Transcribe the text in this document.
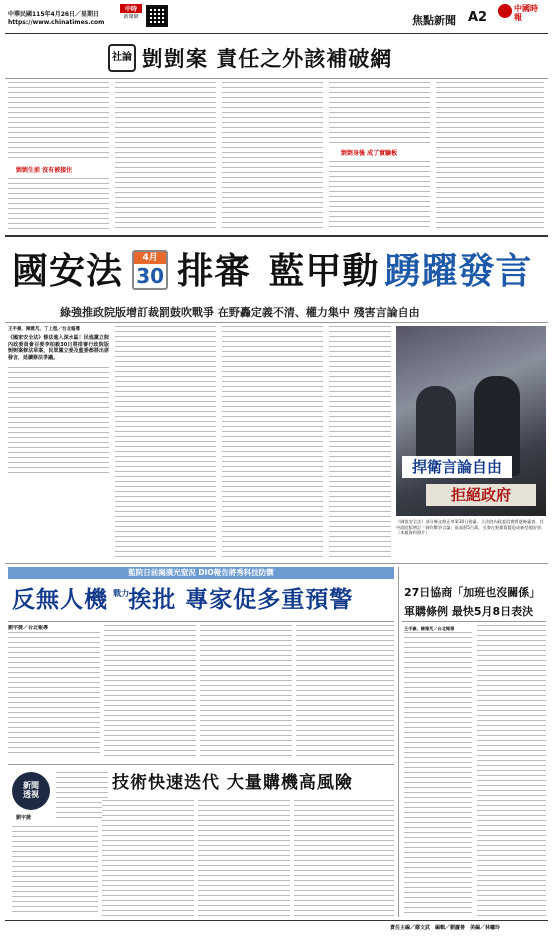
中華民國115年4月26日／星期日
https://www.chinatimes.com
中時
新聞網	焦點新聞 A2
中國時報
社論 剴剴案 責任之外該補破網
剴剴生前 沒有被接住
剴剴身後 成了實驗板
國安法	4月
30 排審 藍甲動 踴躍發言
綠強推政院版增訂裁罰鼓吹戰爭 在野轟定義不清、權力集中 殘害言論自由
王手豪、陳雅芃、丁上程／台北報導
《國家安全法》修法進入深水區！民進黨立院內政委員會召委李柏毅30日將排審行政院版剴剴案修法草案，民眾黨立委及藍委都將出席發言，延續修法爭議。
捍衛言論自由
拒絕政府
《國家安全法》部分條文修正草案30日排審，立法院內政委員會將逐條審查，其中政院版增訂「鼓吹戰爭言論」最高罰5百萬，引發在野黨質疑恐成新型國安罪。（本報資料照片）
監院日前揭漢光窒況 DIO報告將秀科技防禦
反無人機 戰力 挨批 專家促多重預警
劉宇捷／台北報導
27日協商「加班也沒關係」
軍購條例 最快5月8日表決
王手豪、陳雅芃／台北報導
新聞
透視
劉宇捷
技術快速迭代 大量購機高風險
責任主編／繆文武　編輯／劉慶善　美編／林嘯玲
